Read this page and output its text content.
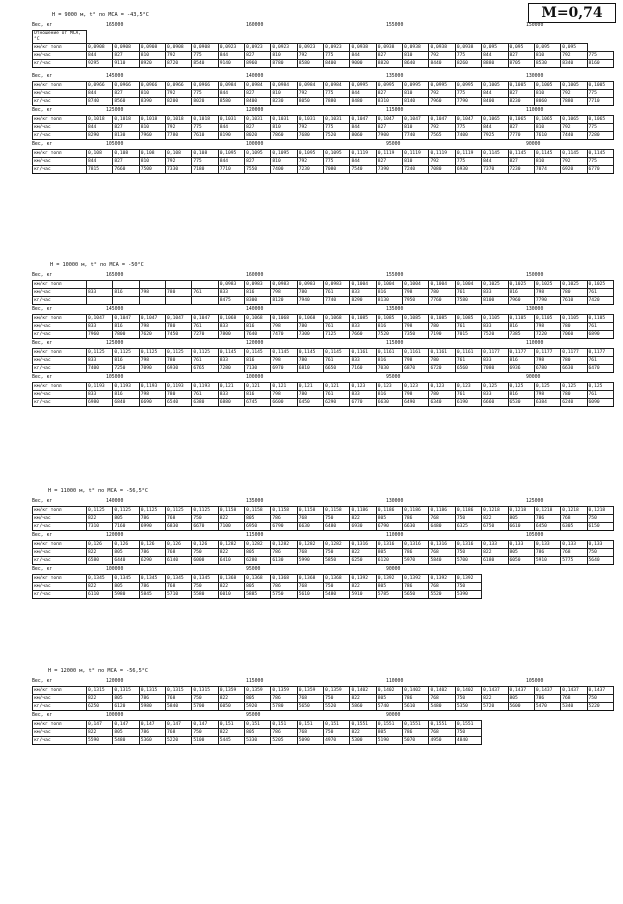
M=0,74
H = 9000 м, t° по МСА = -43,5°C
Вес, кг	165000	160000	155000	150000
Отношение от МСА, °C																				
км/кг топл	0,0908	0,0908	0,0908	0,0908	0,0908	0,0923	0,0923	0,0923	0,0923	0,0923	0,0938	0,0938	0,0938	0,0938	0,0938	0,095	0,095	0,095	0,095	
км/час	844	827	810	792	775	844	827	810	792	775	844	827	810	792	775	844	827	810	792	775
кг/час	9295	9110	8920	8720	8540	9140	8960	8780	8580	8400	9000	8820	8640	8440	8260	8880	8705	8530	8340	8160
Вес, кг	145000	140000	135000	130000
км/кг топл	0,0966	0,0966	0,0966	0,0966	0,0966	0,0984	0,0984	0,0984	0,0984	0,0984	0,0995	0,0995	0,0995	0,0995	0,0995	0,1005	0,1005	0,1005	0,1005	0,1005
км/час	844	827	810	792	775	844	827	810	792	775	844	827	810	792	775	844	827	810	792	775
кг/час	8740	8560	8390	8200	8020	8580	8400	8230	8050	7880	8480	8310	8140	7960	7790	8400	8230	8060	7880	7710
Вес, кг	125000	120000	115000	110000
км/кг топл	0,1018	0,1018	0,1018	0,1018	0,1018	0,1031	0,1031	0,1031	0,1031	0,1031	0,1047	0,1047	0,1047	0,1047	0,1047	0,1065	0,1065	0,1065	0,1065	0,1065
км/час	844	827	810	792	775	844	827	810	792	775	844	827	810	792	775	844	827	810	792	775
кг/час	8290	8130	7960	7780	7610	8190	8020	7860	7680	7520	8060	7900	7740	7565	7400	7925	7770	7610	7440	7280
Вес, кг	105000	100000	95000	90000
км/кг топл	0,108	0,108	0,108	0,108	0,108	0,1095	0,1095	0,1095	0,1095	0,1095	0,1119	0,1119	0,1119	0,1119	0,1119	0,1145	0,1145	0,1145	0,1145	0,1145
км/час	844	827	810	792	775	844	827	810	792	775	844	827	810	792	775	844	827	810	792	775
кг/час	7815	7660	7500	7330	7180	7710	7550	7400	7230	7080	7540	7390	7240	7080	6930	7370	7230	7074	6920	6770
H = 10000 м, t° по МСА = -50°C
Вес, кг	165000	160000	155000	150000
км/кг топл						0,0983	0,0983	0,0983	0,0983	0,0983	0,1004	0,1004	0,1004	0,1004	0,1004	0,1025	0,1025	0,1025	0,1025	0,1025
км/час	833	816	798	780	761	833	816	798	780	761	833	816	798	780	761	833	816	798	780	761
кг/час						8475	8300	8120	7940	7740	8290	8130	7950	7760	7580	8100	7960	7790	7610	7420
Вес, кг	145000	140000	135000	130000
км/кг топл	0,1047	0,1047	0,1047	0,1047	0,1047	0,1068	0,1068	0,1068	0,1068	0,1068	0,1085	0,1085	0,1085	0,1085	0,1085	0,1105	0,1105	0,1105	0,1105	0,1105
км/час	833	816	798	780	761	833	816	798	780	761	833	816	798	780	761	833	816	798	780	761
кг/час	7960	7800	7620	7450	7270	7800	7640	7470	7300	7125	7660	7520	7350	7190	7015	7520	7385	7220	7060	6890
Вес, кг	125000	120000	115000	110000
км/кг топл	0,1125	0,1125	0,1125	0,1125	0,1125	0,1145	0,1145	0,1145	0,1145	0,1145	0,1161	0,1161	0,1161	0,1161	0,1161	0,1177	0,1177	0,1177	0,1177	0,1177
км/час	833	816	798	780	761	833	816	798	780	761	833	816	798	780	761	833	816	798	780	761
кг/час	7400	7250	7090	6930	6765	7280	7130	6970	6810	6650	7160	7030	6870	6720	6560	7080	6936	6780	6630	6470
Вес, кг	105000	100000	95000	90000
км/кг топл	0,1193	0,1193	0,1193	0,1193	0,1193	0,121	0,121	0,121	0,121	0,121	0,123	0,123	0,123	0,123	0,123	0,125	0,125	0,125	0,125	0,125
км/час	833	816	798	780	761	833	816	798	780	761	833	816	798	780	761	833	816	798	780	761
кг/час	6980	6840	6690	6540	6380	6880	6745	6600	6450	6290	6770	6630	6490	6340	6190	6660	6530	6384	6240	6090
H = 11000 м, t° по МСА = -56,5°C
Вес, кг	140000	135000	130000	125000
км/кг топл	0,1125	0,1125	0,1125	0,1125	0,1125	0,1158	0,1158	0,1158	0,1158	0,1158	0,1186	0,1186	0,1186	0,1186	0,1186	0,1218	0,1218	0,1218	0,1218	0,1218
км/час	822	805	786	768	750	822	805	786	768	750	822	805	786	768	750	822	805	786	768	750
кг/час	7310	7160	6990	6830	6670	7100	6950	6790	6630	6480	6930	6790	6630	6480	6325	6750	6610	6450	6305	6150
Вес, кг	120000	115000	110000	105000
км/кг топл	0,126	0,126	0,126	0,126	0,126	0,1282	0,1282	0,1282	0,1282	0,1282	0,1316	0,1316	0,1316	0,1316	0,1316	0,133	0,133	0,133	0,133	0,133
км/час	822	805	786	768	750	822	805	786	768	750	822	805	786	768	750	822	805	786	768	750
кг/час	6580	6440	6290	6140	6000	6410	6280	6130	5990	5850	6250	6120	5970	5840	5700	6180	6050	5910	5775	5640
Вес, кг	100000	95000	90000
км/кг топл	0,1345	0,1345	0,1345	0,1345	0,1345	0,1368	0,1368	0,1368	0,1368	0,1368	0,1392	0,1392	0,1392	0,1392	0,1392					
км/час	822	805	786	768	750	822	805	786	768	750	822	805	786	768	750					
кг/час	6110	5980	5845	5710	5580	6010	5885	5750	5610	5480	5910	5785	5650	5520	5390					
H = 12000 м, t° по МСА = -56,5°C
Вес, кг	120000	115000	110000	105000
км/кг топл	0,1315	0,1315	0,1315	0,1315	0,1315	0,1359	0,1359	0,1359	0,1359	0,1359	0,1402	0,1402	0,1402	0,1402	0,1402	0,1437	0,1437	0,1437	0,1437	0,1437
км/час	822	805	786	768	750	822	805	786	768	750	822	805	786	768	750	822	805	786	768	750
кг/час	6250	6120	5980	5840	5700	6050	5920	5780	5650	5520	5860	5740	5610	5480	5350	5720	5600	5470	5340	5220
Вес, кг	100000	95000	90000
км/кг топл	0,147	0,147	0,147	0,147	0,147	0,151	0,151	0,151	0,151	0,151	0,1551	0,1551	0,1551	0,1551	0,1551					
км/час	822	805	786	768	750	822	805	786	768	750	822	805	786	768	750					
кг/час	5590	5480	5360	5220	5100	5445	5330	5205	5090	4970	5300	5190	5070	4950	4840					
